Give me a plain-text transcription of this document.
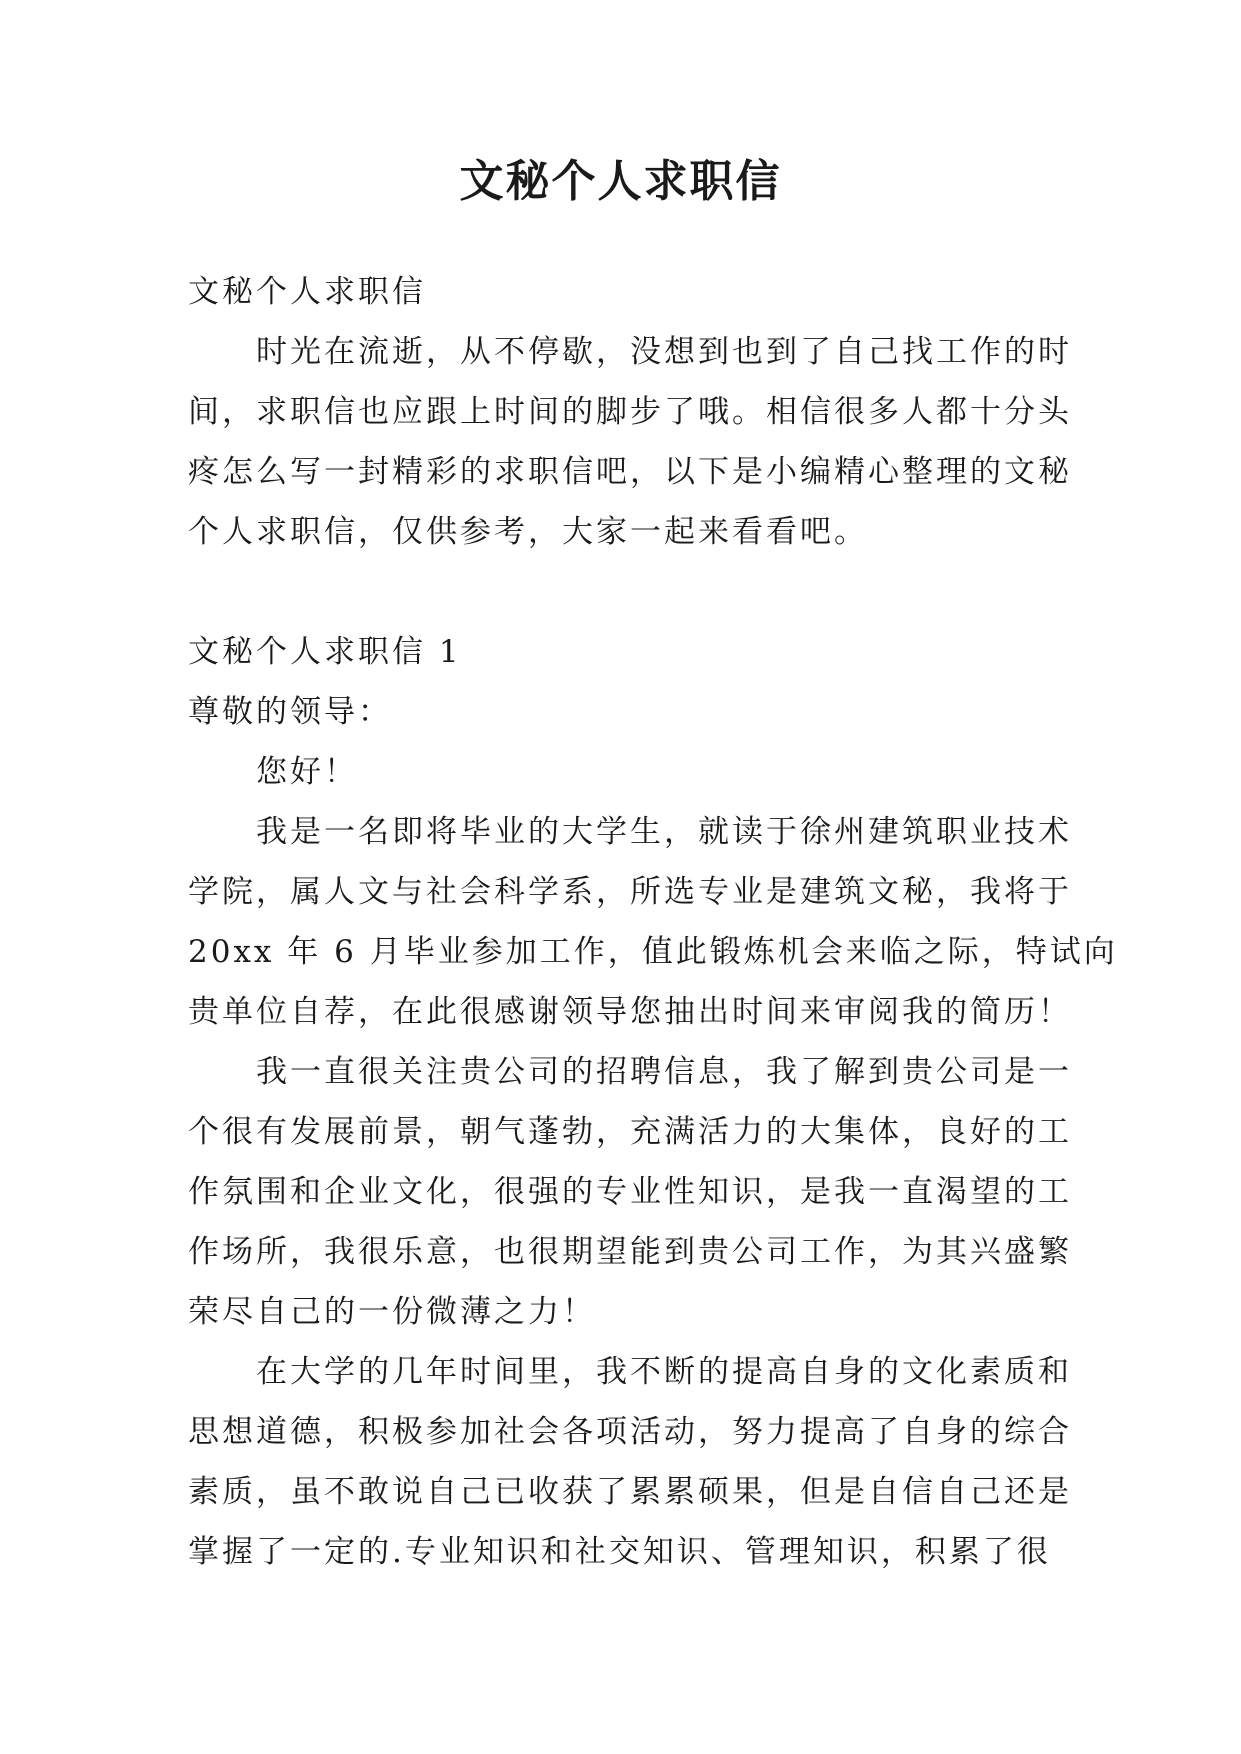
文秘个人求职信
文秘个人求职信
时光在流逝，从不停歇，没想到也到了自己找工作的时
间，求职信也应跟上时间的脚步了哦。相信很多人都十分头
疼怎么写一封精彩的求职信吧，以下是小编精心整理的文秘
个人求职信，仅供参考，大家一起来看看吧。
文秘个人求职信 1
尊敬的领导：
您好！
我是一名即将毕业的大学生，就读于徐州建筑职业技术
学院，属人文与社会科学系，所选专业是建筑文秘，我将于
20xx 年 6 月毕业参加工作，值此锻炼机会来临之际，特试向
贵单位自荐，在此很感谢领导您抽出时间来审阅我的简历！
我一直很关注贵公司的招聘信息，我了解到贵公司是一
个很有发展前景，朝气蓬勃，充满活力的大集体，良好的工
作氛围和企业文化，很强的专业性知识，是我一直渴望的工
作场所，我很乐意，也很期望能到贵公司工作，为其兴盛繁
荣尽自己的一份微薄之力！
在大学的几年时间里，我不断的提高自身的文化素质和
思想道德，积极参加社会各项活动，努力提高了自身的综合
素质，虽不敢说自己已收获了累累硕果，但是自信自己还是
掌握了一定的.专业知识和社交知识、管理知识，积累了很
